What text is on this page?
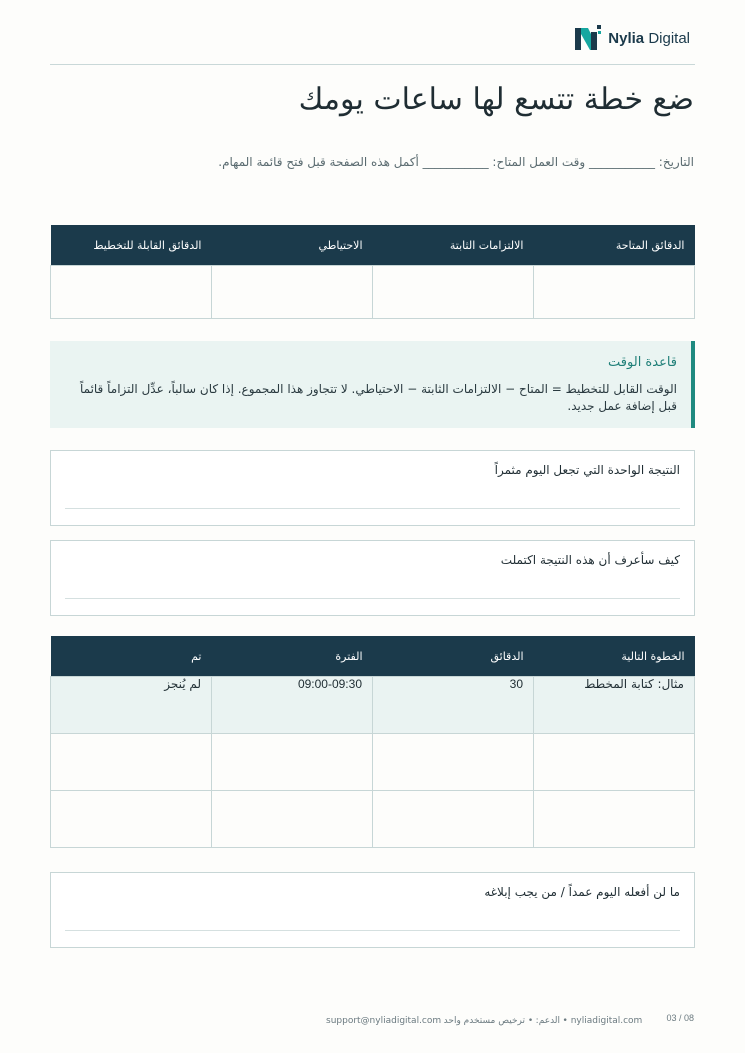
Nylia Digital
ضع خطة تتسع لها ساعات يومك
التاريخ: ___________ وقت العمل المتاح: ___________ أكمل هذه الصفحة قبل فتح قائمة المهام.
الدقائق المتاحة	الالتزامات الثابتة	الاحتياطي	الدقائق القابلة للتخطيط

قاعدة الوقت
الوقت القابل للتخطيط = المتاح − الالتزامات الثابتة − الاحتياطي. لا تتجاوز هذا المجموع. إذا كان سالباً، عدِّل التزاماً قائماً قبل إضافة عمل جديد.
النتيجة الواحدة التي تجعل اليوم مثمراً
كيف سأعرف أن هذه النتيجة اكتملت
الخطوة التالية	الدقائق	الفترة	تم
مثال: كتابة المخطط	30	09:00-09:30	لم يُنجز

ما لن أفعله اليوم عمداً / من يجب إبلاغه
support@nyliadigital.com	الدعم: • ترخيص مستخدم واحد	• nyliadigital.com	03 / 08
